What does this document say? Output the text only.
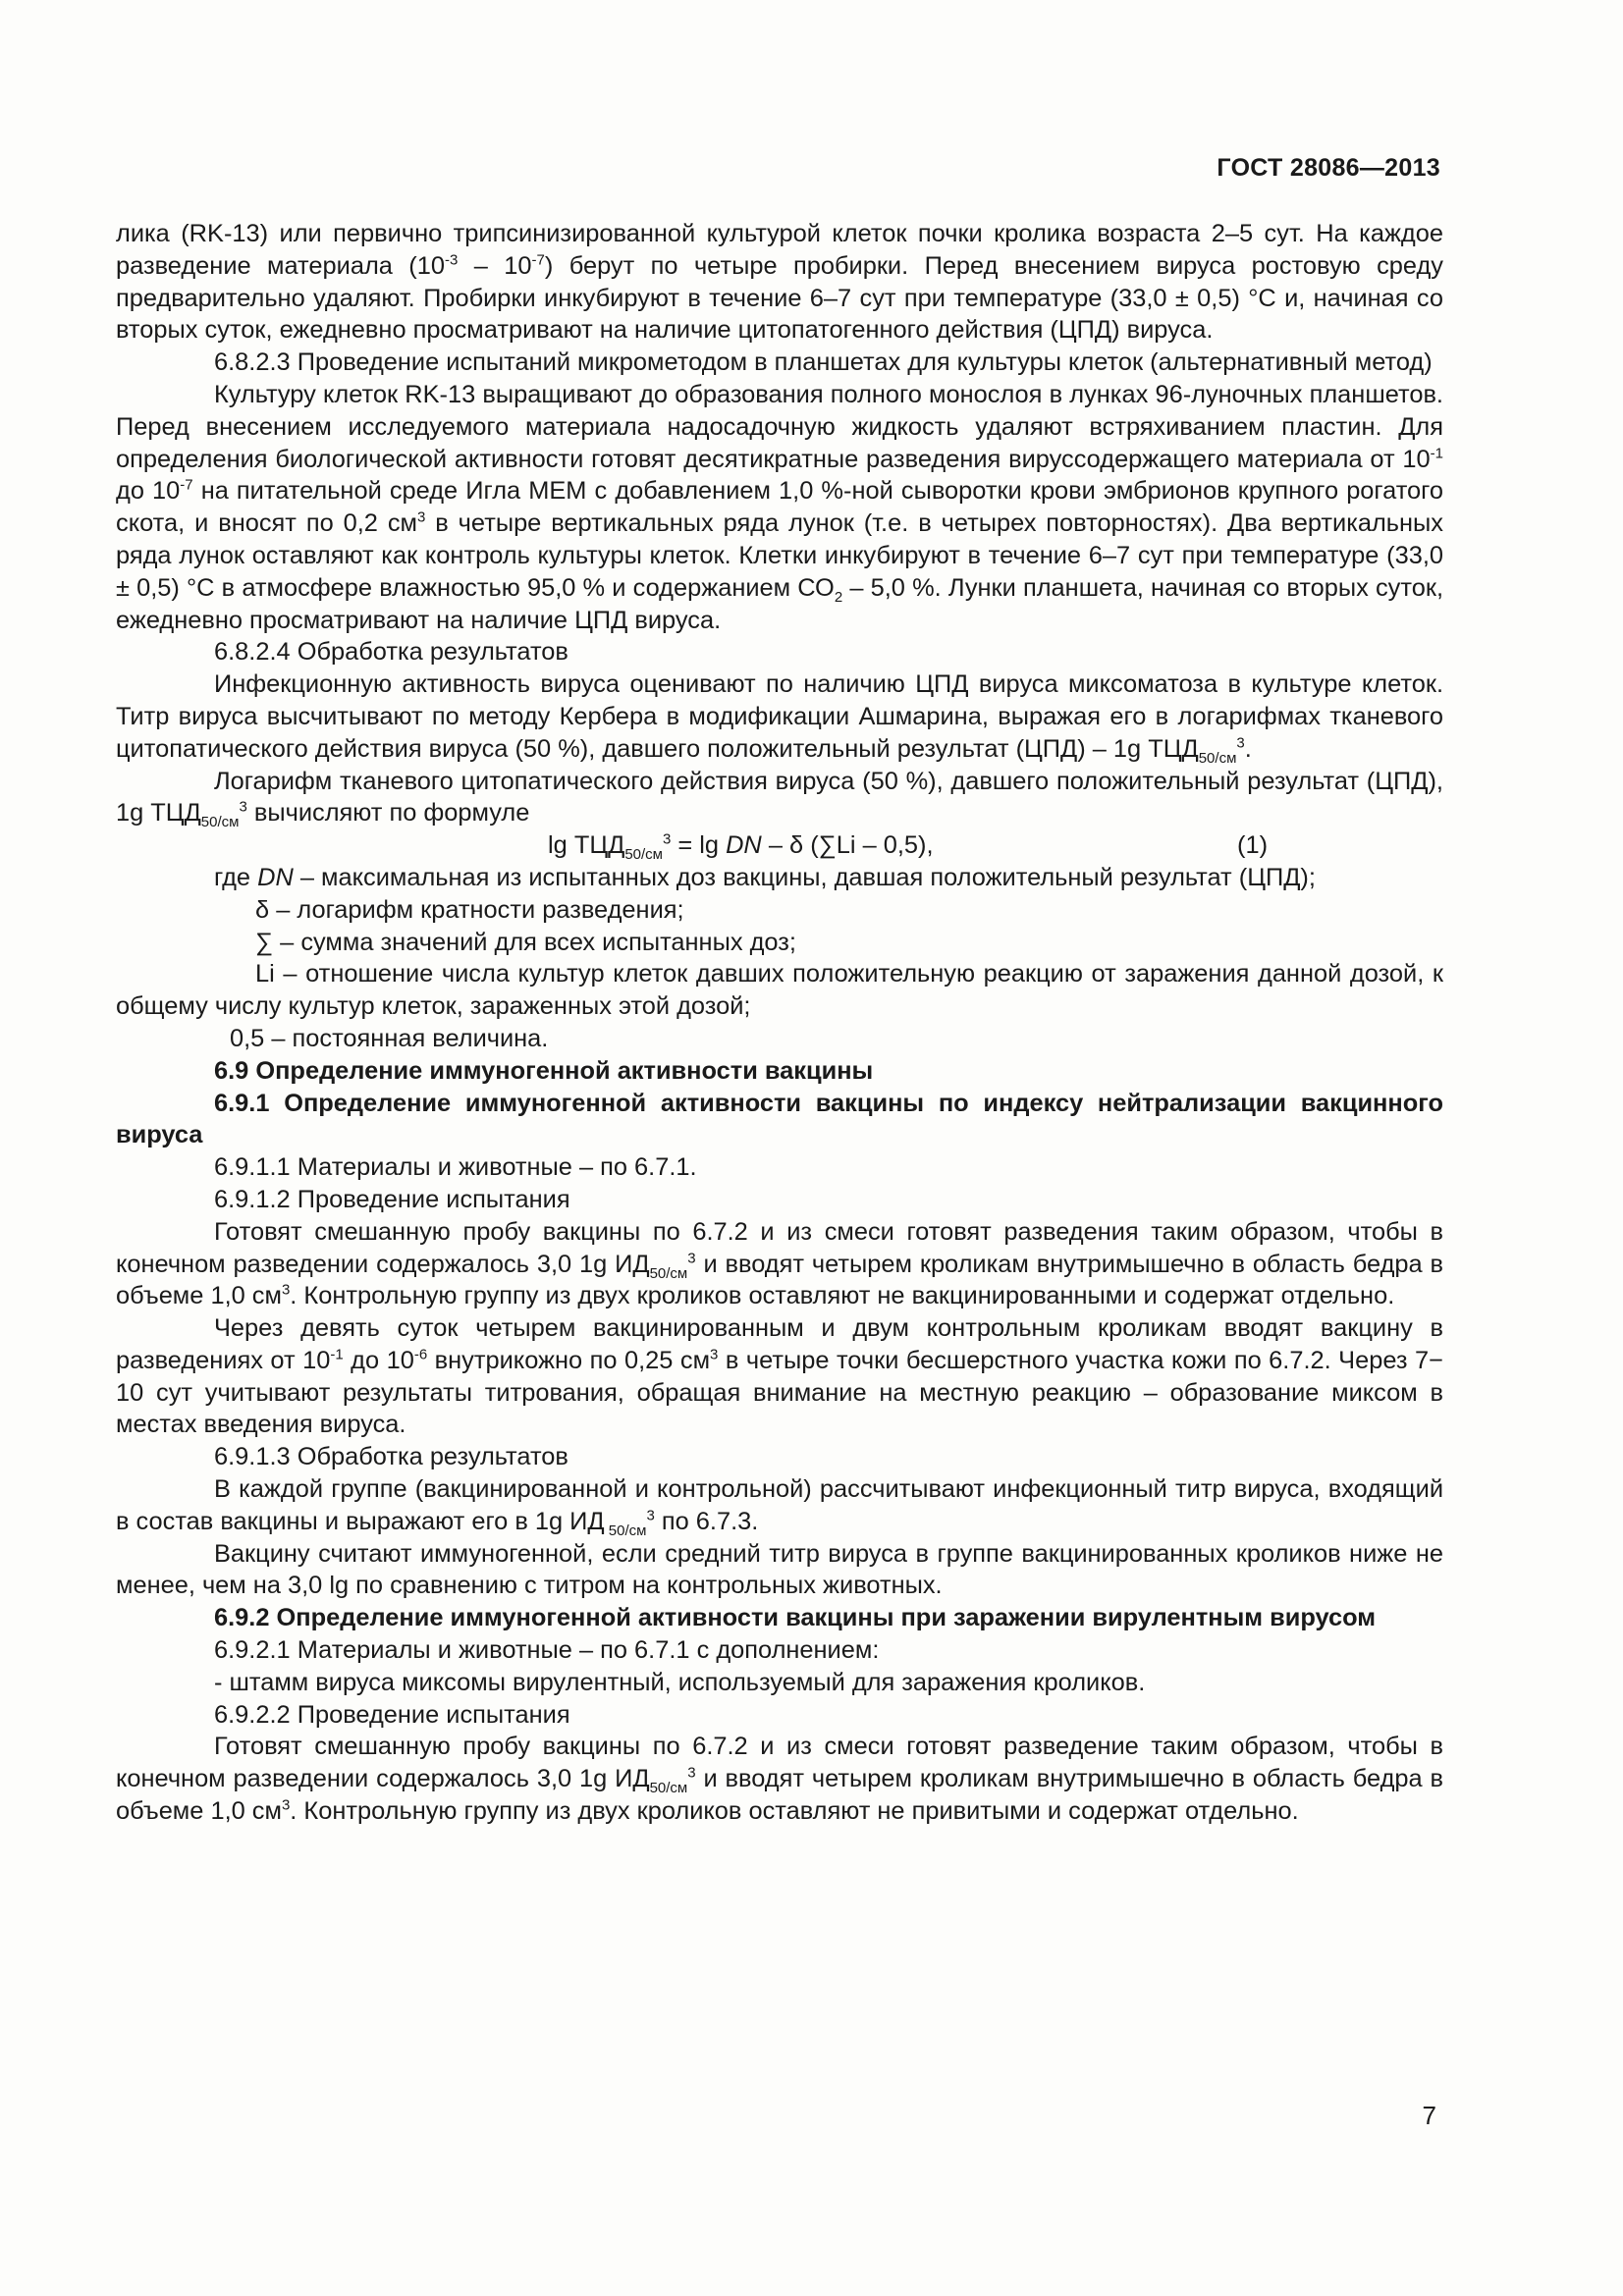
ГОСТ 28086—2013

лика (RK-13) или первично трипсинизированной культурой клеток почки кролика возраста 2–5 сут. На каждое разведение материала $(10^{-3} - 10^{-7})$ берут по четыре пробирки. Перед внесением вируса ростовую среду предварительно удаляют. Пробирки инкубируют в течение 6–7 сут при температуре (33,0 ± 0,5) °С и, начиная со вторых суток, ежедневно просматривают на наличие цитопатогенного действия (ЦПД) вируса.

6.8.2.3 Проведение испытаний микрометодом в планшетах для культуры клеток (альтернативный метод)

Культуру клеток RK-13 выращивают до образования полного монослоя в лунках 96-луночных планшетов. Перед внесением исследуемого материала надосадочную жидкость удаляют встряхиванием пластин. Для определения биологической активности готовят десятикратные разведения вируссодержащего материала от $10^{-1}$ до $10^{-7}$ на питательной среде Игла МЕМ с добавлением 1,0 %-ной сыворотки крови эмбрионов крупного рогатого скота, и вносят по 0,2 $см^3$ в четыре вертикальных ряда лунок (т.е. в четырех повторностях). Два вертикальных ряда лунок оставляют как контроль культуры клеток. Клетки инкубируют в течение 6–7 сут при температуре (33,0 ± 0,5) °С в атмосфере влажностью 95,0 % и содержанием $СО_2 - 5,0$ %. Лунки планшета, начиная со вторых суток, ежедневно просматривают на наличие ЦПД вируса.

6.8.2.4 Обработка результатов

Инфекционную активность вируса оценивают по наличию ЦПД вируса миксоматоза в культуре клеток. Титр вируса высчитывают по методу Кербера в модификации Ашмарина, выражая его в логарифмах тканевого цитопатического действия вируса (50 %), давшего положительный результат (ЦПД) – 1g $ТЦД_{50/см}^3$.

Логарифм тканевого цитопатического действия вируса (50 %), давшего положительный результат (ЦПД), 1g $ТЦД_{50/см}^3$ вычисляют по формуле

$\lg ТЦД_{50/см}^3 = \lg$ DN – δ (∑Li – 0,5),	(1)

где DN – максимальная из испытанных доз вакцины, давшая положительный результат (ЦПД);

δ – логарифм кратности разведения;

∑ – сумма значений для всех испытанных доз;

Li – отношение числа культур клеток давших положительную реакцию от заражения данной дозой, к общему числу культур клеток, зараженных этой дозой;

0,5 – постоянная величина.

6.9 Определение иммуногенной активности вакцины

6.9.1 Определение иммуногенной активности вакцины по индексу нейтрализации вакцинного вируса

6.9.1.1 Материалы и животные – по 6.7.1.

6.9.1.2 Проведение испытания

Готовят смешанную пробу вакцины по 6.7.2 и из смеси готовят разведения таким образом, чтобы в конечном разведении содержалось 3,0 1g $ИД_{50/см}^3$ и вводят четырем кроликам внутримышечно в область бедра в объеме 1,0 $см^3$. Контрольную группу из двух кроликов оставляют не вакцинированными и содержат отдельно.

Через девять суток четырем вакцинированным и двум контрольным кроликам вводят вакцину в разведениях от $10^{-1}$ до $10^{-6}$ внутрикожно по 0,25 $см^3$ в четыре точки бесшерстного участка кожи по 6.7.2. Через 7− 10 сут учитывают результаты титрования, обращая внимание на местную реакцию – образование миксом в местах введения вируса.

6.9.1.3 Обработка результатов

В каждой группе (вакцинированной и контрольной) рассчитывают инфекционный титр вируса, входящий в состав вакцины и выражают его в 1g ИД $_{50/см}^3$ по 6.7.3.

Вакцину считают иммуногенной, если средний титр вируса в группе вакцинированных кроликов ниже не менее, чем на 3,0 lg по сравнению с титром на контрольных животных.

6.9.2 Определение иммуногенной активности вакцины при заражении вирулентным вирусом

6.9.2.1 Материалы и животные – по 6.7.1 с дополнением:

- штамм вируса миксомы вирулентный, используемый для заражения кроликов.

6.9.2.2 Проведение испытания

Готовят смешанную пробу вакцины по 6.7.2 и из смеси готовят разведение таким образом, чтобы в конечном разведении содержалось 3,0 1g $ИД_{50/см}^3$ и вводят четырем кроликам внутримышечно в область бедра в объеме 1,0 $см^3$. Контрольную группу из двух кроликов оставляют не привитыми и содержат отдельно.

7
